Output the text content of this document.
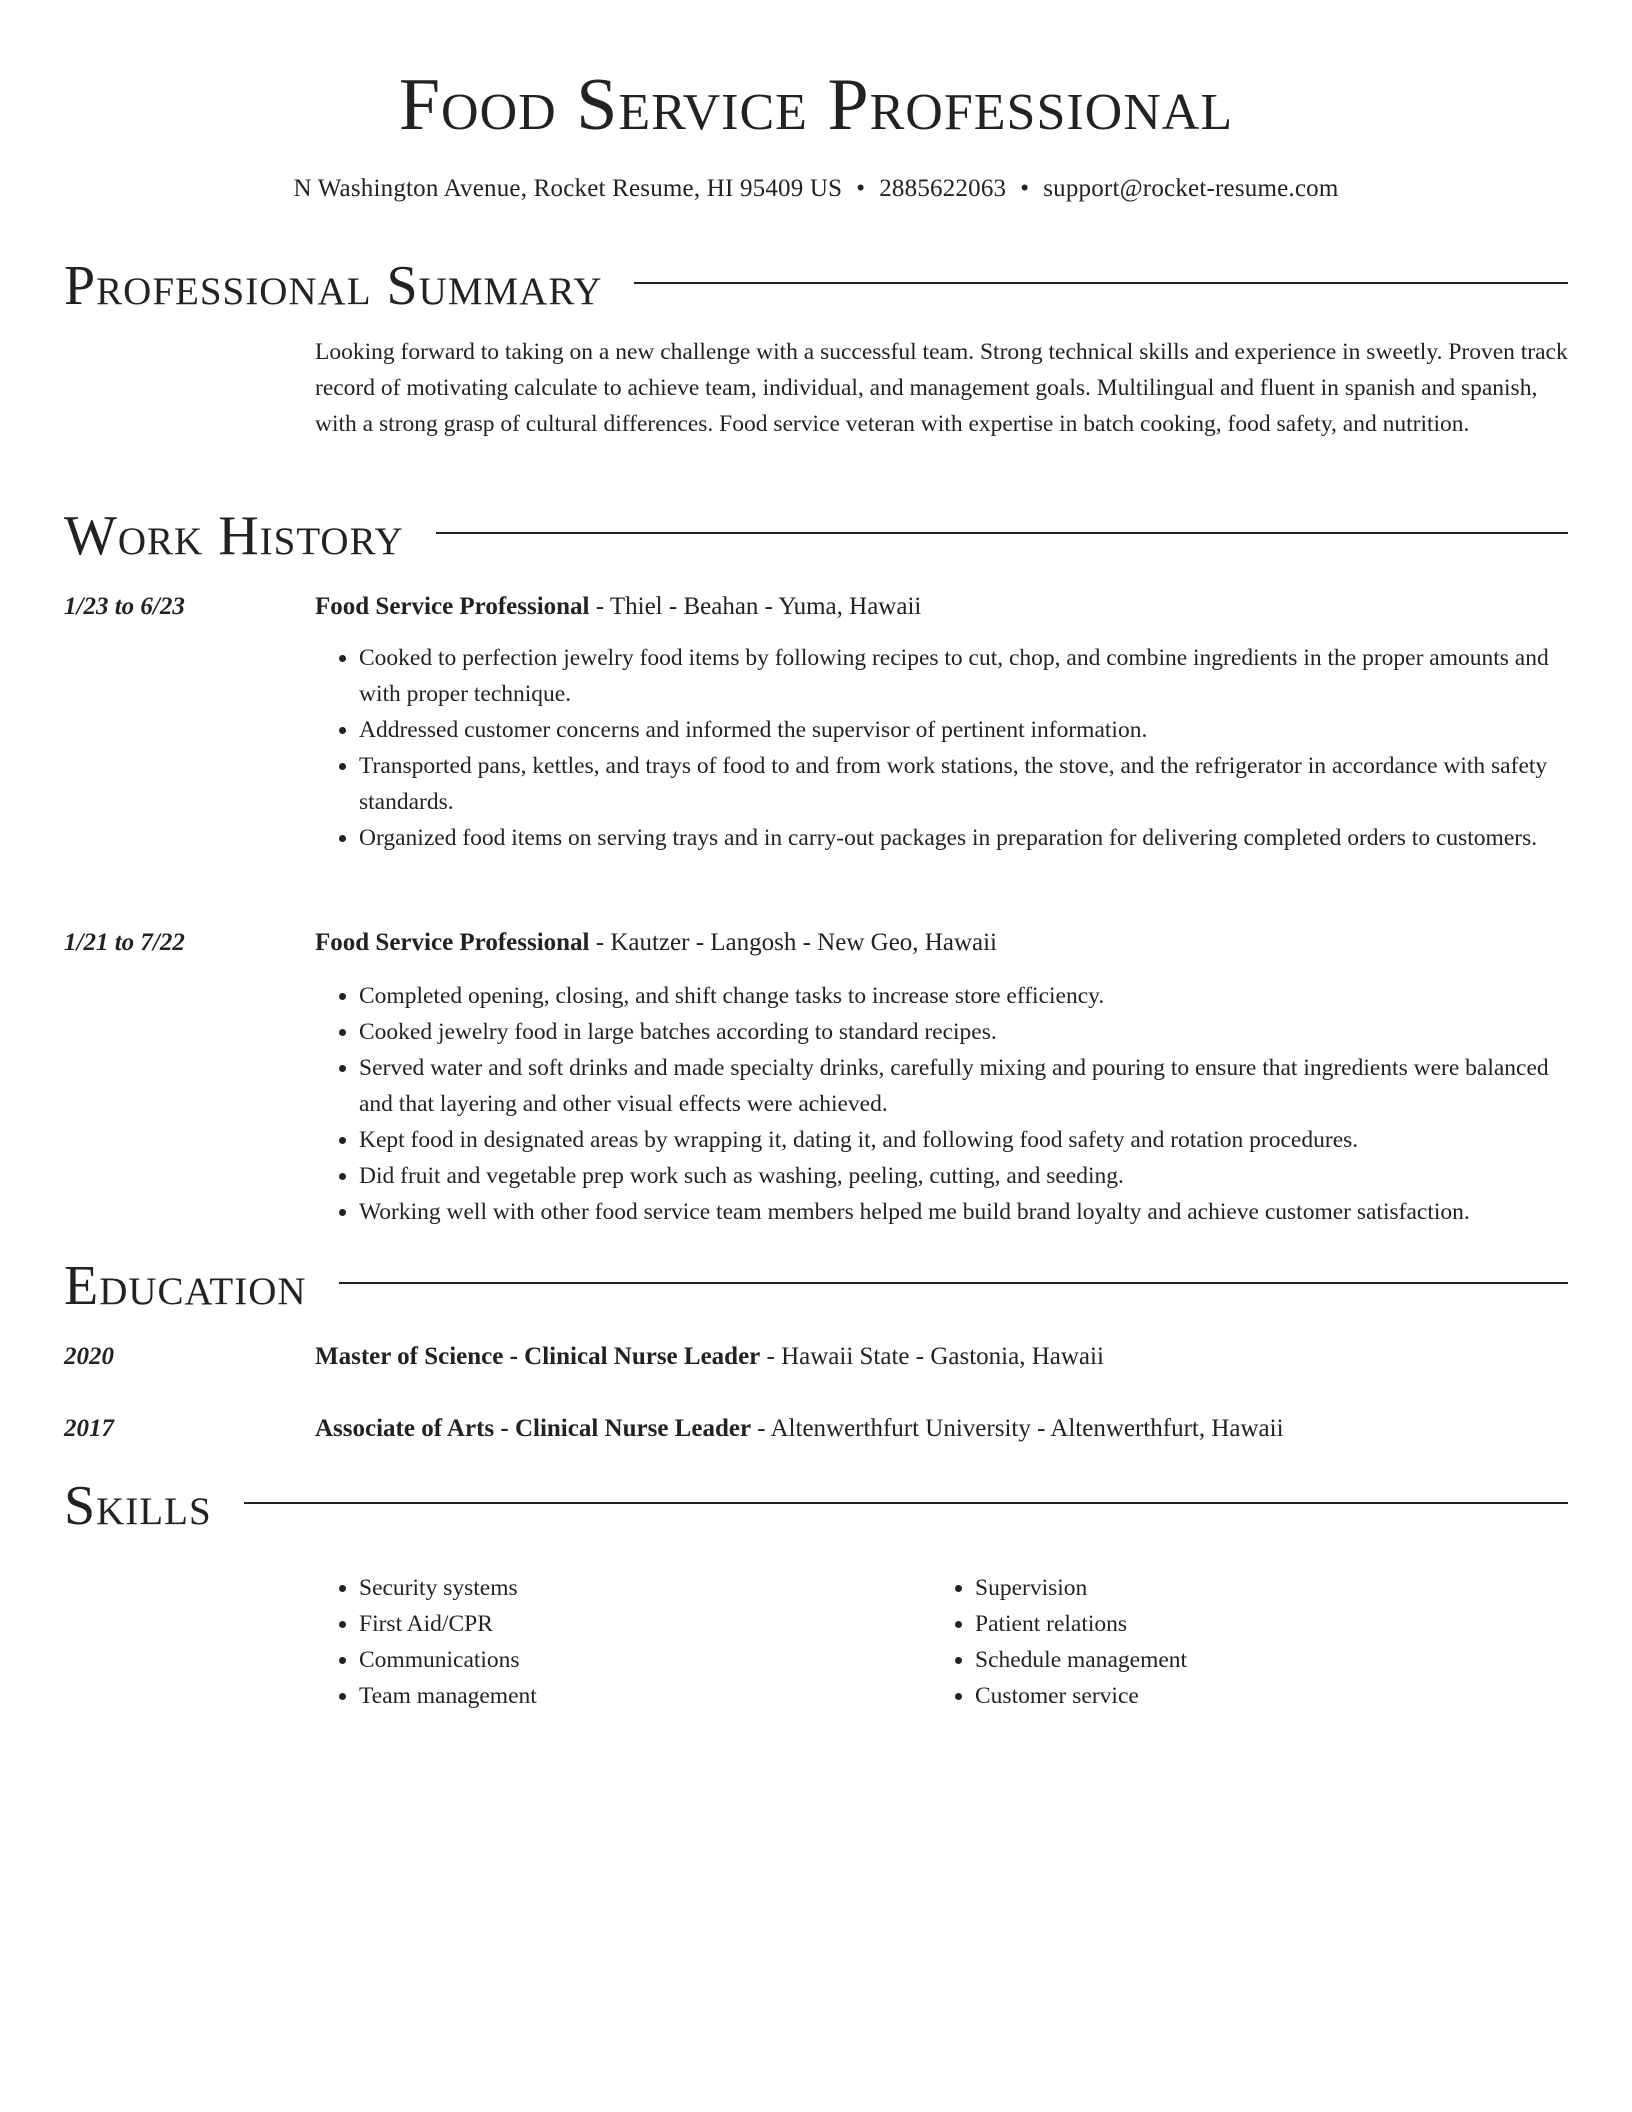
Food Service Professional
N Washington Avenue, Rocket Resume, HI 95409 US • 2885622063 • support@rocket-resume.com
Professional Summary

Looking forward to taking on a new challenge with a successful team. Strong technical skills and experience in sweetly. Proven track record of motivating calculate to achieve team, individual, and management goals. Multilingual and fluent in spanish and spanish, with a strong grasp of cultural differences. Food service veteran with expertise in batch cooking, food safety, and nutrition.

Work History
1/23 to 6/23	Food Service Professional - Thiel - Beahan - Yuma, Hawaii
• Cooked to perfection jewelry food items by following recipes to cut, chop, and combine ingredients in the proper amounts and with proper technique.
• Addressed customer concerns and informed the supervisor of pertinent information.
• Transported pans, kettles, and trays of food to and from work stations, the stove, and the refrigerator in accordance with safety standards.
• Organized food items on serving trays and in carry-out packages in preparation for delivering completed orders to customers.
1/21 to 7/22	Food Service Professional - Kautzer - Langosh - New Geo, Hawaii
• Completed opening, closing, and shift change tasks to increase store efficiency.
• Cooked jewelry food in large batches according to standard recipes.
• Served water and soft drinks and made specialty drinks, carefully mixing and pouring to ensure that ingredients were balanced and that layering and other visual effects were achieved.
• Kept food in designated areas by wrapping it, dating it, and following food safety and rotation procedures.
• Did fruit and vegetable prep work such as washing, peeling, cutting, and seeding.
• Working well with other food service team members helped me build brand loyalty and achieve customer satisfaction.
Education
2020	Master of Science - Clinical Nurse Leader - Hawaii State - Gastonia, Hawaii
2017	Associate of Arts - Clinical Nurse Leader - Altenwerthfurt University - Altenwerthfurt, Hawaii
Skills
• Security systems
• First Aid/CPR
• Communications
• Team management
• Supervision
• Patient relations
• Schedule management
• Customer service
